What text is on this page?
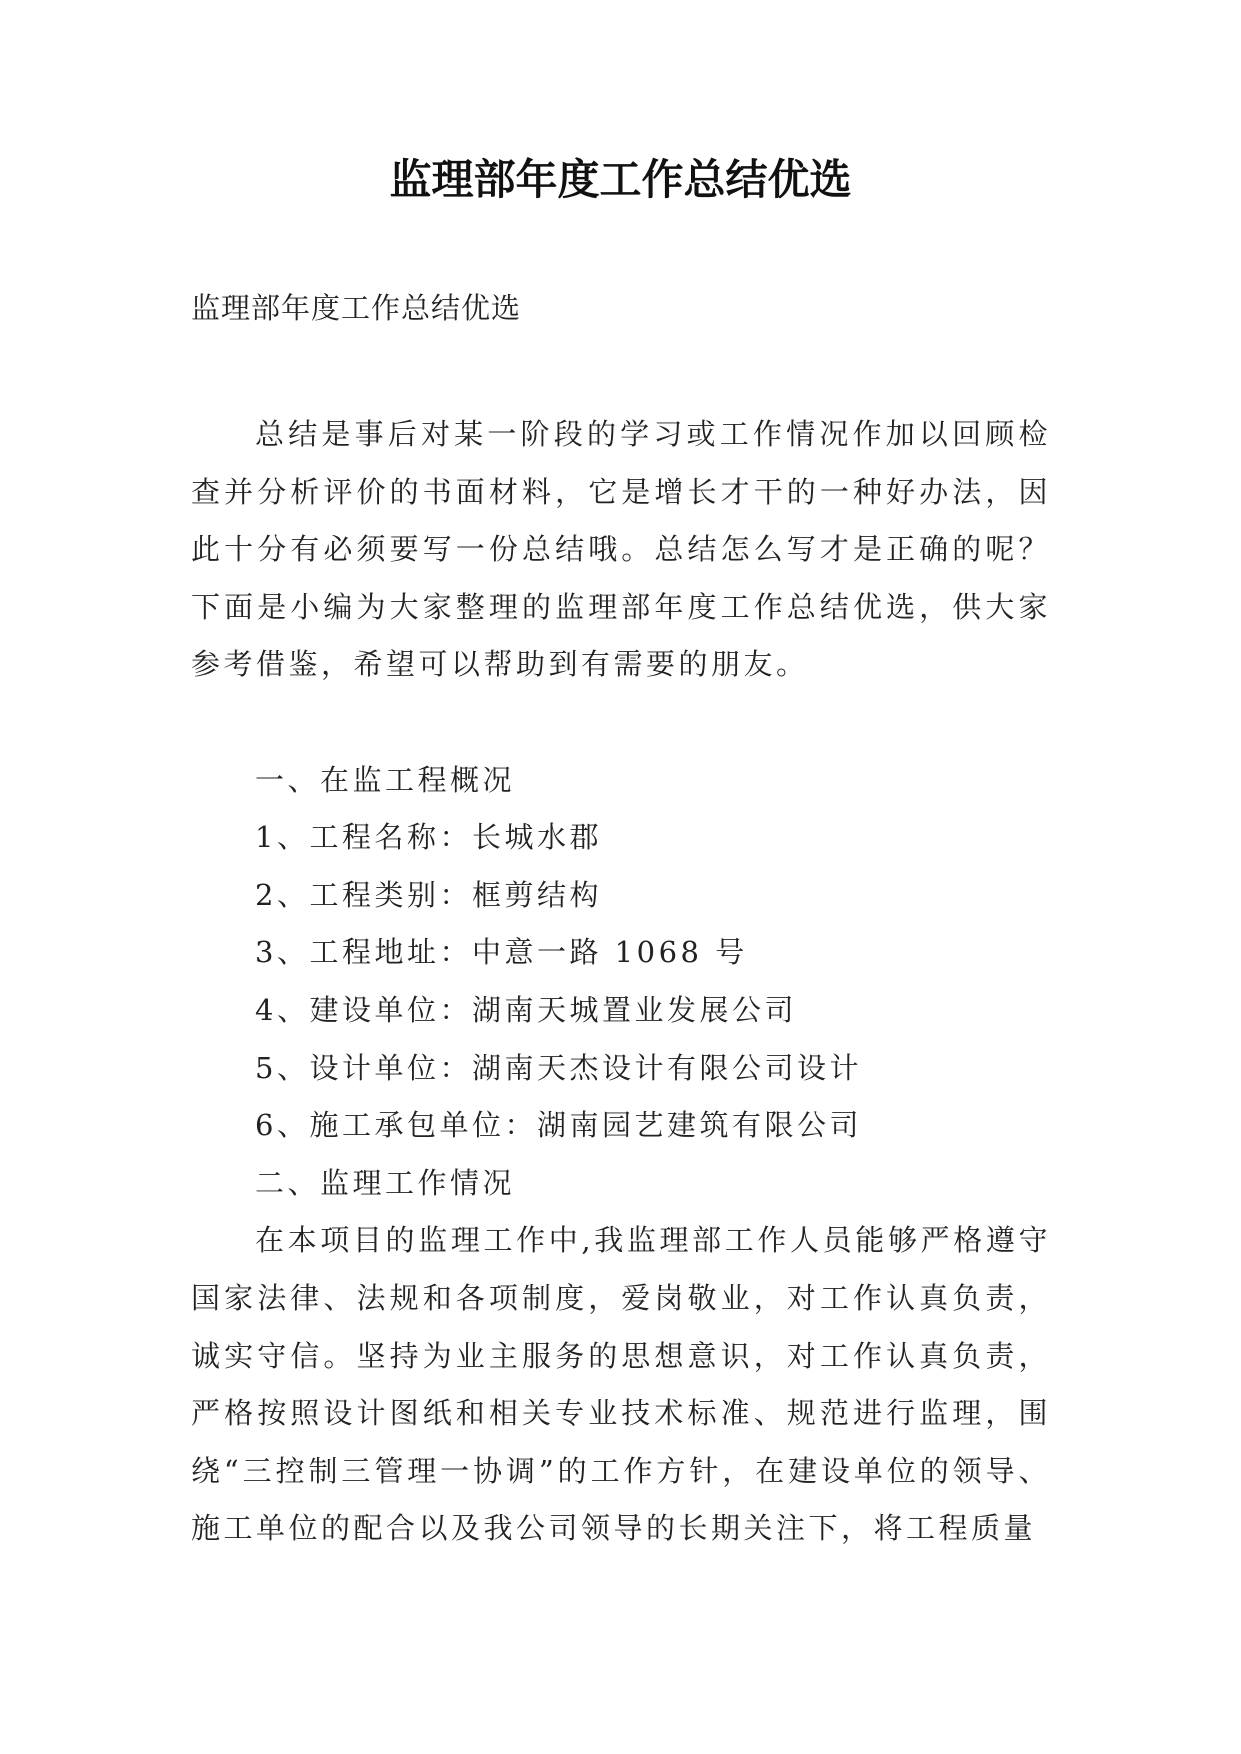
监理部年度工作总结优选
监理部年度工作总结优选

总结是事后对某一阶段的学习或工作情况作加以回顾检查并分析评价的书面材料，它是增长才干的一种好办法，因此十分有必须要写一份总结哦。总结怎么写才是正确的呢？下面是小编为大家整理的监理部年度工作总结优选，供大家参考借鉴，希望可以帮助到有需要的朋友。

一、在监工程概况

1、工程名称：长城水郡

2、工程类别：框剪结构

3、工程地址：中意一路 1068 号

4、建设单位：湖南天城置业发展公司

5、设计单位：湖南天杰设计有限公司设计

6、施工承包单位：湖南园艺建筑有限公司

二、监理工作情况

在本项目的监理工作中,我监理部工作人员能够严格遵守国家法律、法规和各项制度，爱岗敬业，对工作认真负责，诚实守信。坚持为业主服务的思想意识，对工作认真负责，严格按照设计图纸和相关专业技术标准、规范进行监理，围绕“三控制三管理一协调”的工作方针，在建设单位的领导、施工单位的配合以及我公司领导的长期关注下，将工程质量
